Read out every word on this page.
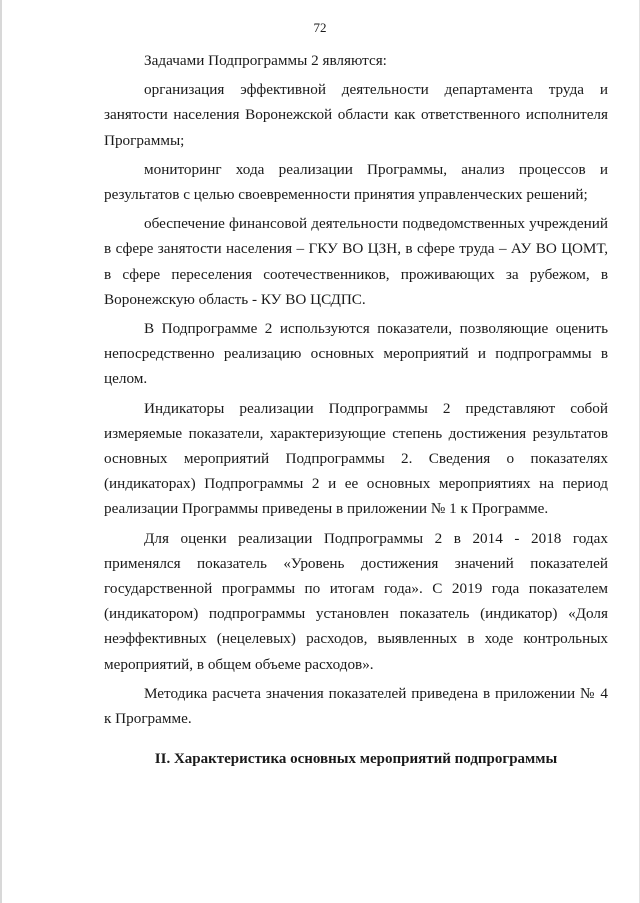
72

Задачами Подпрограммы 2 являются:

организация эффективной деятельности департамента труда и занятости населения Воронежской области как ответственного исполнителя Программы;

мониторинг хода реализации Программы, анализ процессов и результатов с целью своевременности принятия управленческих решений;

обеспечение финансовой деятельности подведомственных учреждений в сфере занятости населения – ГКУ ВО ЦЗН, в сфере труда – АУ ВО ЦОМТ, в сфере переселения соотечественников, проживающих за рубежом, в Воронежскую область - КУ ВО ЦСДПС.

В Подпрограмме 2 используются показатели, позволяющие оценить непосредственно реализацию основных мероприятий и подпрограммы в целом.

Индикаторы реализации Подпрограммы 2 представляют собой измеряемые показатели, характеризующие степень достижения результатов основных мероприятий Подпрограммы 2. Сведения о показателях (индикаторах) Подпрограммы 2 и ее основных мероприятиях на период реализации Программы приведены в приложении № 1 к Программе.

Для оценки реализации Подпрограммы 2 в 2014 - 2018 годах применялся показатель «Уровень достижения значений показателей государственной программы по итогам года». С 2019 года показателем (индикатором) подпрограммы установлен показатель (индикатор) «Доля неэффективных (нецелевых) расходов, выявленных в ходе контрольных мероприятий, в общем объеме расходов».

Методика расчета значения показателей приведена в приложении № 4 к Программе.

II. Характеристика основных мероприятий подпрограммы
